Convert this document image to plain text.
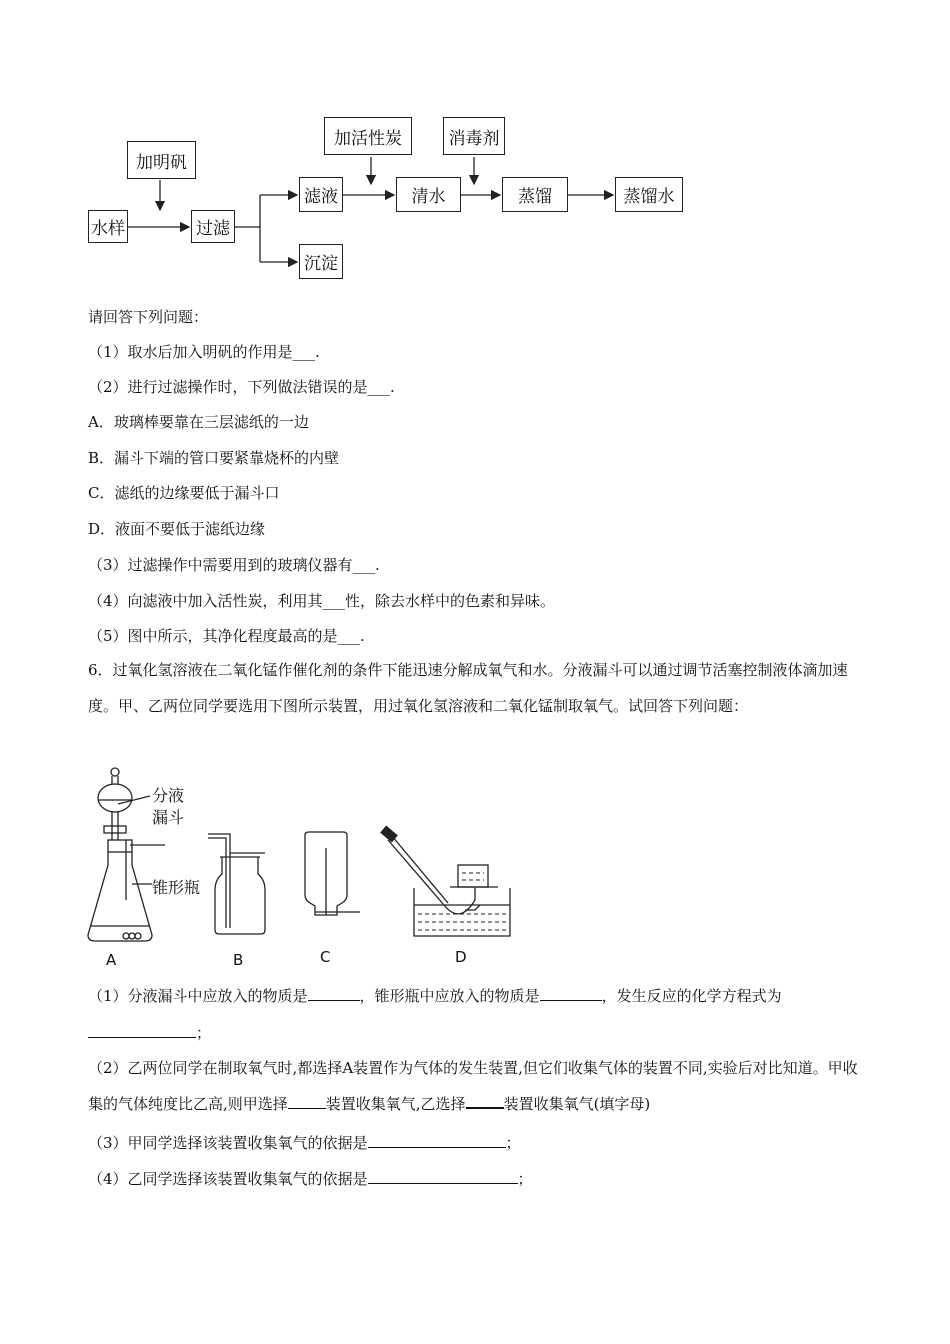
水样
加明矾
过滤
滤液
沉淀
加活性炭
清水
消毒剂
蒸馏	蒸馏水
请回答下列问题：
（1）取水后加入明矾的作用是___.
（2）进行过滤操作时，下列做法错误的是___.
A．玻璃棒要靠在三层滤纸的一边
B．漏斗下端的管口要紧靠烧杯的内壁
C．滤纸的边缘要低于漏斗口
D．液面不要低于滤纸边缘
（3）过滤操作中需要用到的玻璃仪器有___.
（4）向滤液中加入活性炭，利用其___性，除去水样中的色素和异味。
（5）图中所示，其净化程度最高的是___.
6．过氧化氢溶液在二氧化锰作催化剂的条件下能迅速分解成氧气和水。分液漏斗可以通过调节活塞控制液体滴加速度。甲、乙两位同学要选用下图所示装置，用过氧化氢溶液和二氧化锰制取氧气。试回答下列问题：
分液
漏斗
锥形瓶
A	B	C	D
（1）分液漏斗中应放入的物质是	，锥形瓶中应放入的物质是	，发生反应的化学方程式为
；
（2）乙两位同学在制取氧气时,都选择A装置作为气体的发生装置,但它们收集气体的装置不同,实验后对比知道。甲收集的气体纯度比乙高,则甲选择	装置收集氧气,乙选择	装置收集氧气(填字母)
（3）甲同学选择该装置收集氧气的依据是	；
（4）乙同学选择该装置收集氧气的依据是	；
